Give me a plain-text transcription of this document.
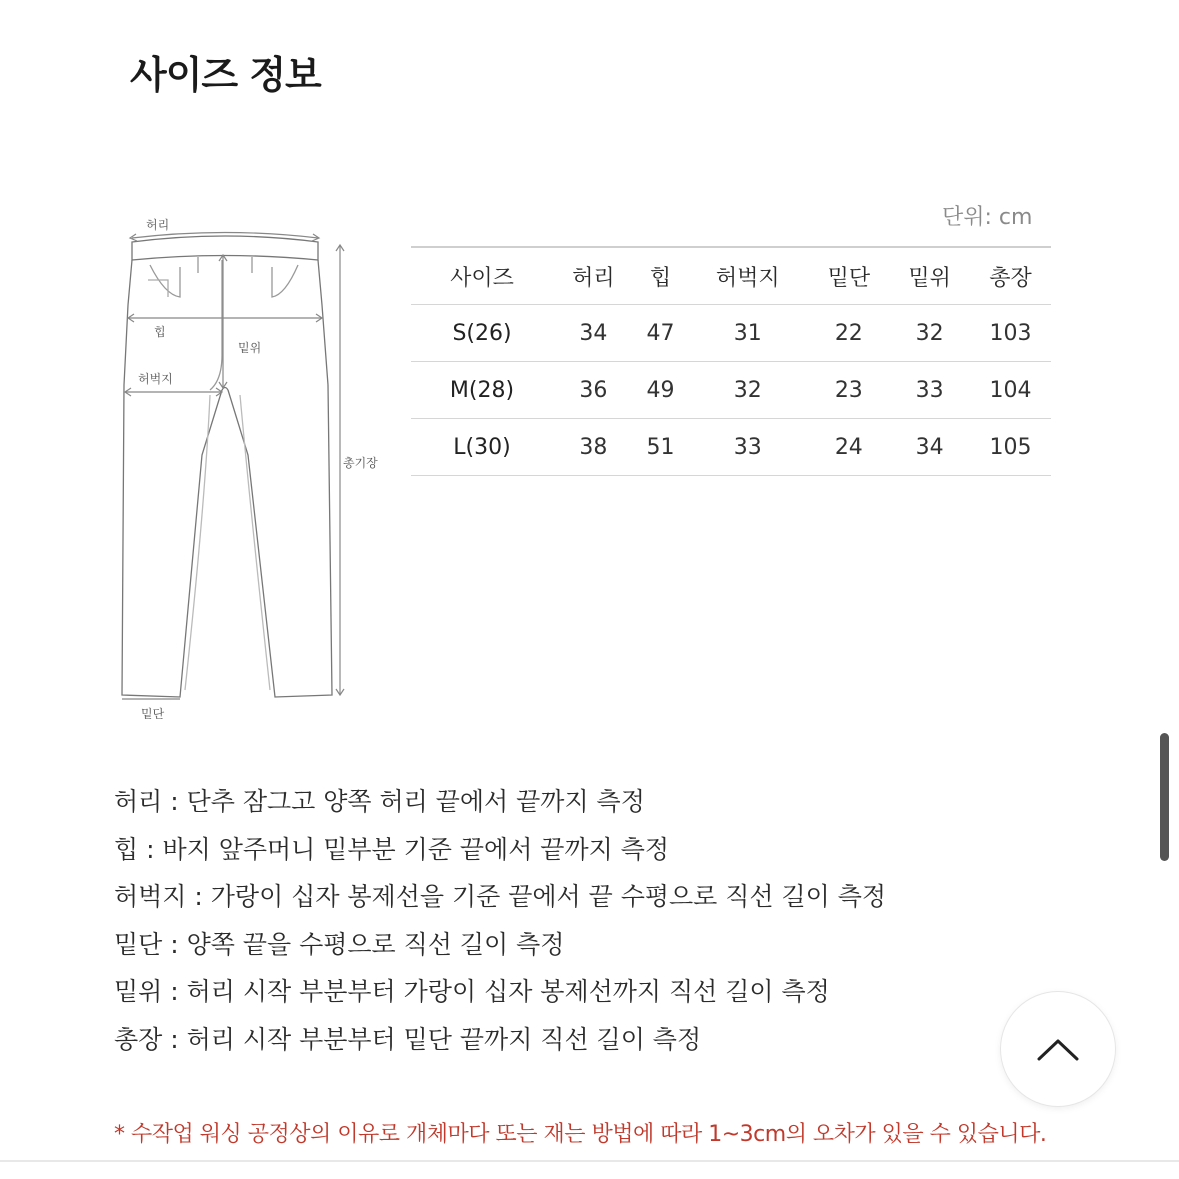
사이즈 정보
허리
힙
밑위
허벅지
총기장
밑단
단위: cm
사이즈	허리	힙	허벅지	밑단	밑위	총장
S(26)	34	47	31	22	32	103
M(28)	36	49	32	23	33	104
L(30)	38	51	33	24	34	105
허리 : 단추 잠그고 양쪽 허리 끝에서 끝까지 측정
힙 : 바지 앞주머니 밑부분 기준 끝에서 끝까지 측정
허벅지 : 가랑이 십자 봉제선을 기준 끝에서 끝 수평으로 직선 길이 측정
밑단 : 양쪽 끝을 수평으로 직선 길이 측정
밑위 : 허리 시작 부분부터 가랑이 십자 봉제선까지 직선 길이 측정
총장 : 허리 시작 부분부터 밑단 끝까지 직선 길이 측정
* 수작업 워싱 공정상의 이유로 개체마다 또는 재는 방법에 따라 1~3cm의 오차가 있을 수 있습니다.
